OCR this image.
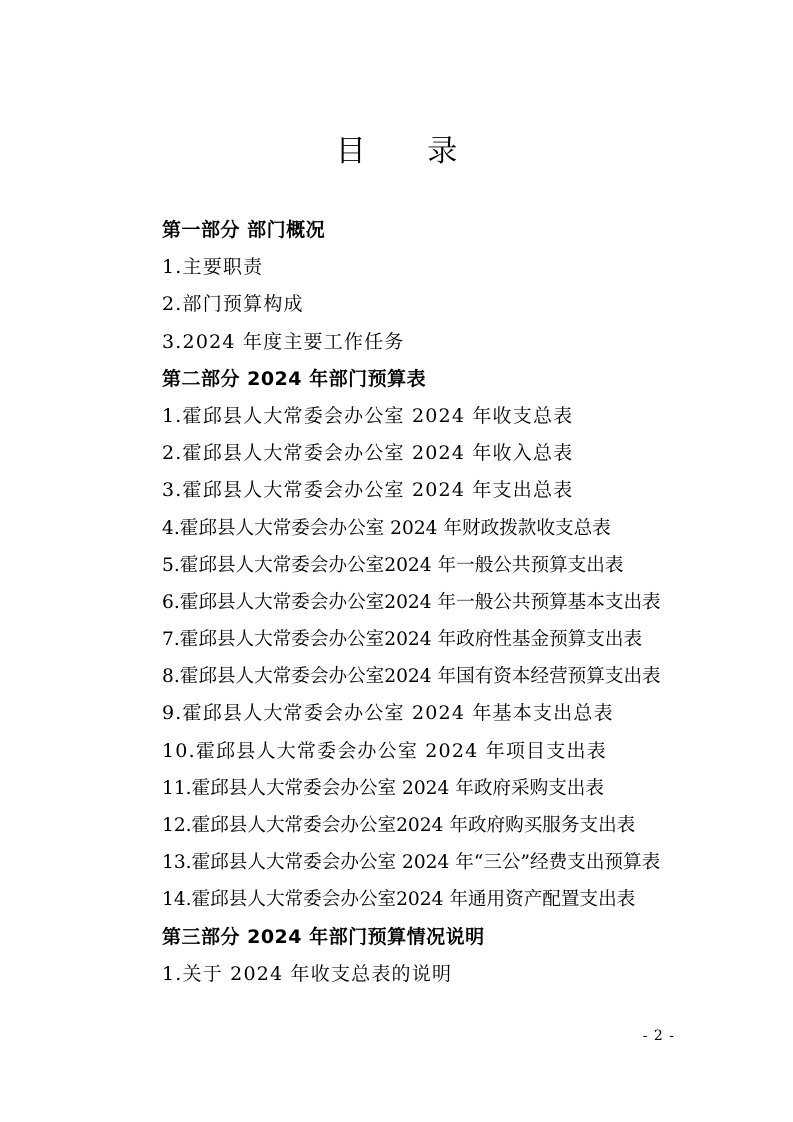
目 录
第一部分 部门概况
1.主要职责
2.部门预算构成
3.2024 年度主要工作任务
第二部分 2024 年部门预算表
1.霍邱县人大常委会办公室 2024 年收支总表
2.霍邱县人大常委会办公室 2024 年收入总表
3.霍邱县人大常委会办公室 2024 年支出总表
4.霍邱县人大常委会办公室 2024 年财政拨款收支总表
5.霍邱县人大常委会办公室2024 年一般公共预算支出表
6.霍邱县人大常委会办公室2024 年一般公共预算基本支出表
7.霍邱县人大常委会办公室2024 年政府性基金预算支出表
8.霍邱县人大常委会办公室2024 年国有资本经营预算支出表
9.霍邱县人大常委会办公室 2024 年基本支出总表
10.霍邱县人大常委会办公室 2024 年项目支出表
11.霍邱县人大常委会办公室 2024 年政府采购支出表
12.霍邱县人大常委会办公室2024 年政府购买服务支出表
13.霍邱县人大常委会办公室 2024 年“三公”经费支出预算表
14.霍邱县人大常委会办公室2024 年通用资产配置支出表
第三部分 2024 年部门预算情况说明
1.关于 2024 年收支总表的说明
- 2 -
